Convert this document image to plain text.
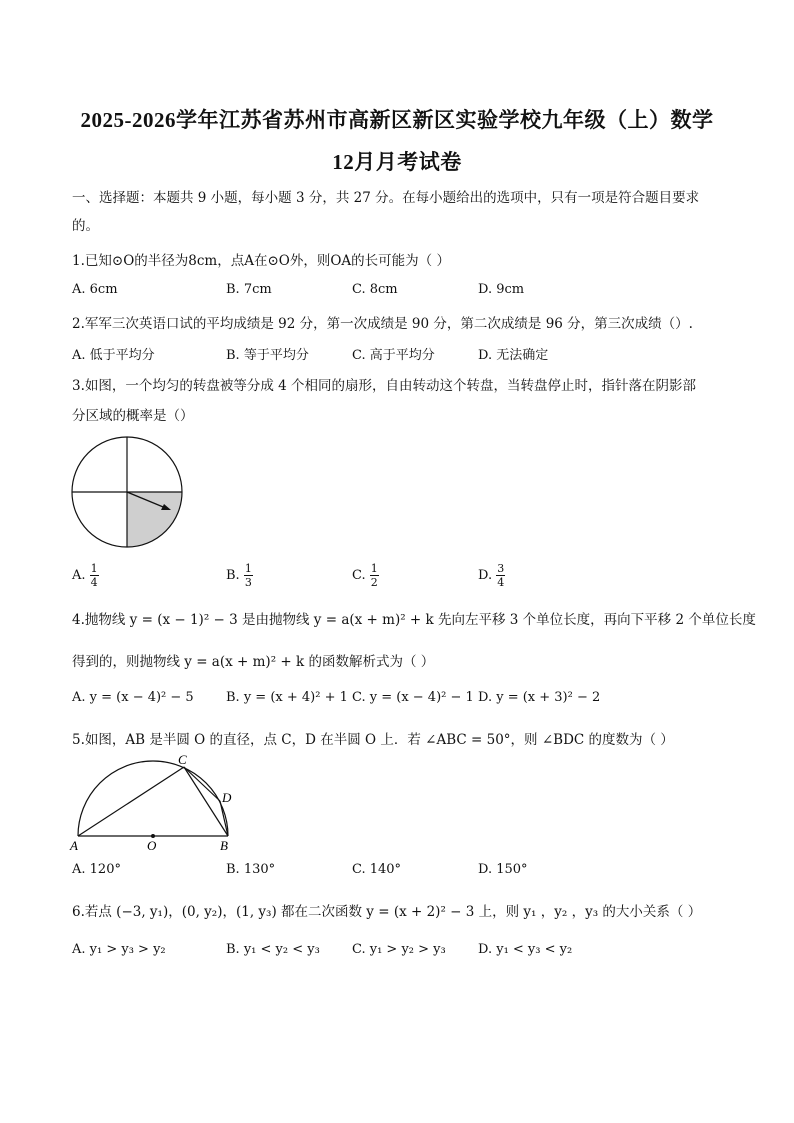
2025-2026学年江苏省苏州市高新区新区实验学校九年级（上）数学
12月月考试卷
一、选择题：本题共 9 小题，每小题 3 分，共 27 分。在每小题给出的选项中，只有一项是符合题目要求
的。
1.已知⊙O的半径为8cm，点A在⊙O外，则OA的长可能为（ ）
A. 6cm	B. 7cm	C. 8cm	D. 9cm
2.军军三次英语口试的平均成绩是 92 分，第一次成绩是 90 分，第二次成绩是 96 分，第三次成绩（）.
A. 低于平均分	B. 等于平均分	C. 高于平均分	D. 无法确定
3.如图，一个均匀的转盘被等分成 4 个相同的扇形，自由转动这个转盘，当转盘停止时，指针落在阴影部
分区域的概率是（）
A. $\frac{1}{4}$	B. $\frac{1}{3}$	C. $\frac{1}{2}$	D. $\frac{3}{4}$
4.抛物线 y = (x − 1)² − 3 是由抛物线 y = a(x + m)² + k 先向左平移 3 个单位长度，再向下平移 2 个单位长度
得到的，则抛物线 y = a(x + m)² + k 的函数解析式为（ ）
A. y = (x − 4)² − 5 B. y = (x + 4)² + 1 C. y = (x − 4)² − 1 D. y = (x + 3)² − 2
5.如图，AB 是半圆 O 的直径，点 C，D 在半圆 O 上．若 ∠ABC = 50°，则 ∠BDC 的度数为（ ）
A	O	B
C
D
A. 120°	B. 130°	C. 140°	D. 150°
6.若点 (−3, y₁)，(0, y₂)，(1, y₃) 都在二次函数 y = (x + 2)² − 3 上，则 y₁ ，y₂ ，y₃ 的大小关系（ ）
A. y₁ > y₃ > y₂	B. y₁ < y₂ < y₃ C. y₁ > y₂ > y₃ D. y₁ < y₃ < y₂
